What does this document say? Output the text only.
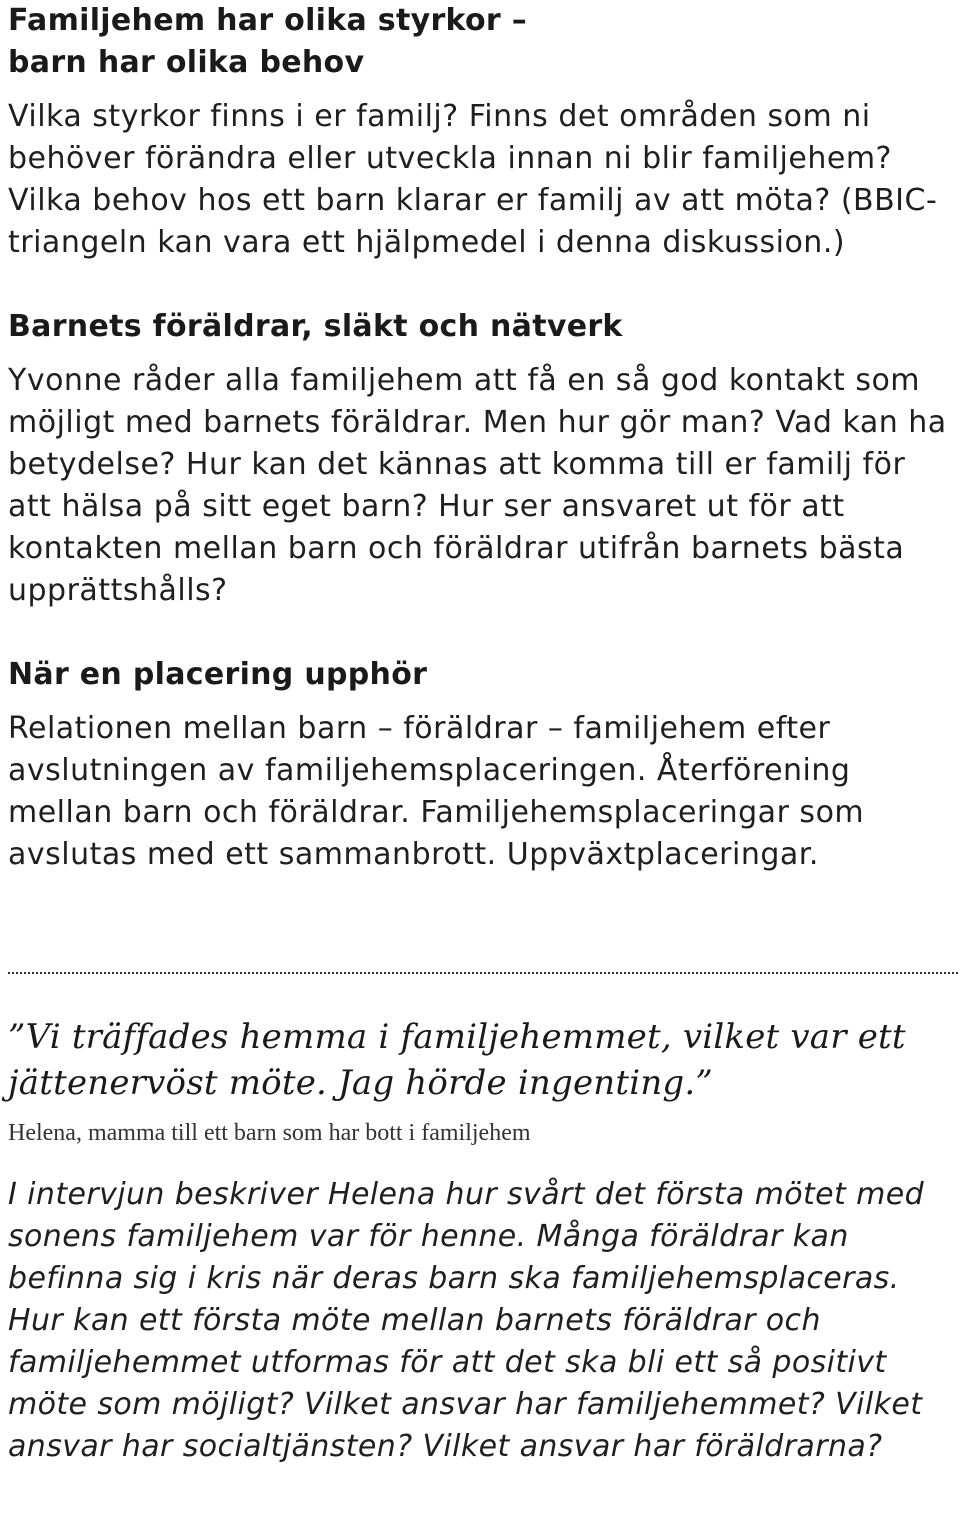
Familjehem har olika styrkor –
barn har olika behov

Vilka styrkor finns i er familj? Finns det områden som ni behöver förändra eller utveckla innan ni blir familjehem? Vilka behov hos ett barn klarar er familj av att möta? (BBIC-triangeln kan vara ett hjälpmedel i denna diskussion.)

Barnets föräldrar, släkt och nätverk

Yvonne råder alla familjehem att få en så god kontakt som möjligt med barnets föräldrar. Men hur gör man? Vad kan ha betydelse? Hur kan det kännas att komma till er familj för att hälsa på sitt eget barn? Hur ser ansvaret ut för att kontakten mellan barn och föräldrar utifrån barnets bästa upprättshålls?

När en placering upphör

Relationen mellan barn – föräldrar – familjehem efter avslutningen av familjehemsplaceringen. Återförening mellan barn och föräldrar. Familjehemsplaceringar som avslutas med ett sammanbrott. Uppväxtplaceringar.

”Vi träffades hemma i familjehemmet, vilket var ett jättenervöst möte. Jag hörde ingenting.”

Helena, mamma till ett barn som har bott i familjehem

I intervjun beskriver Helena hur svårt det första mötet med sonens familjehem var för henne. Många föräldrar kan befinna sig i kris när deras barn ska familjehemsplaceras. Hur kan ett första möte mellan barnets föräldrar och familjehemmet utformas för att det ska bli ett så positivt möte som möjligt? Vilket ansvar har familjehemmet? Vilket ansvar har socialtjänsten? Vilket ansvar har föräldrarna?
